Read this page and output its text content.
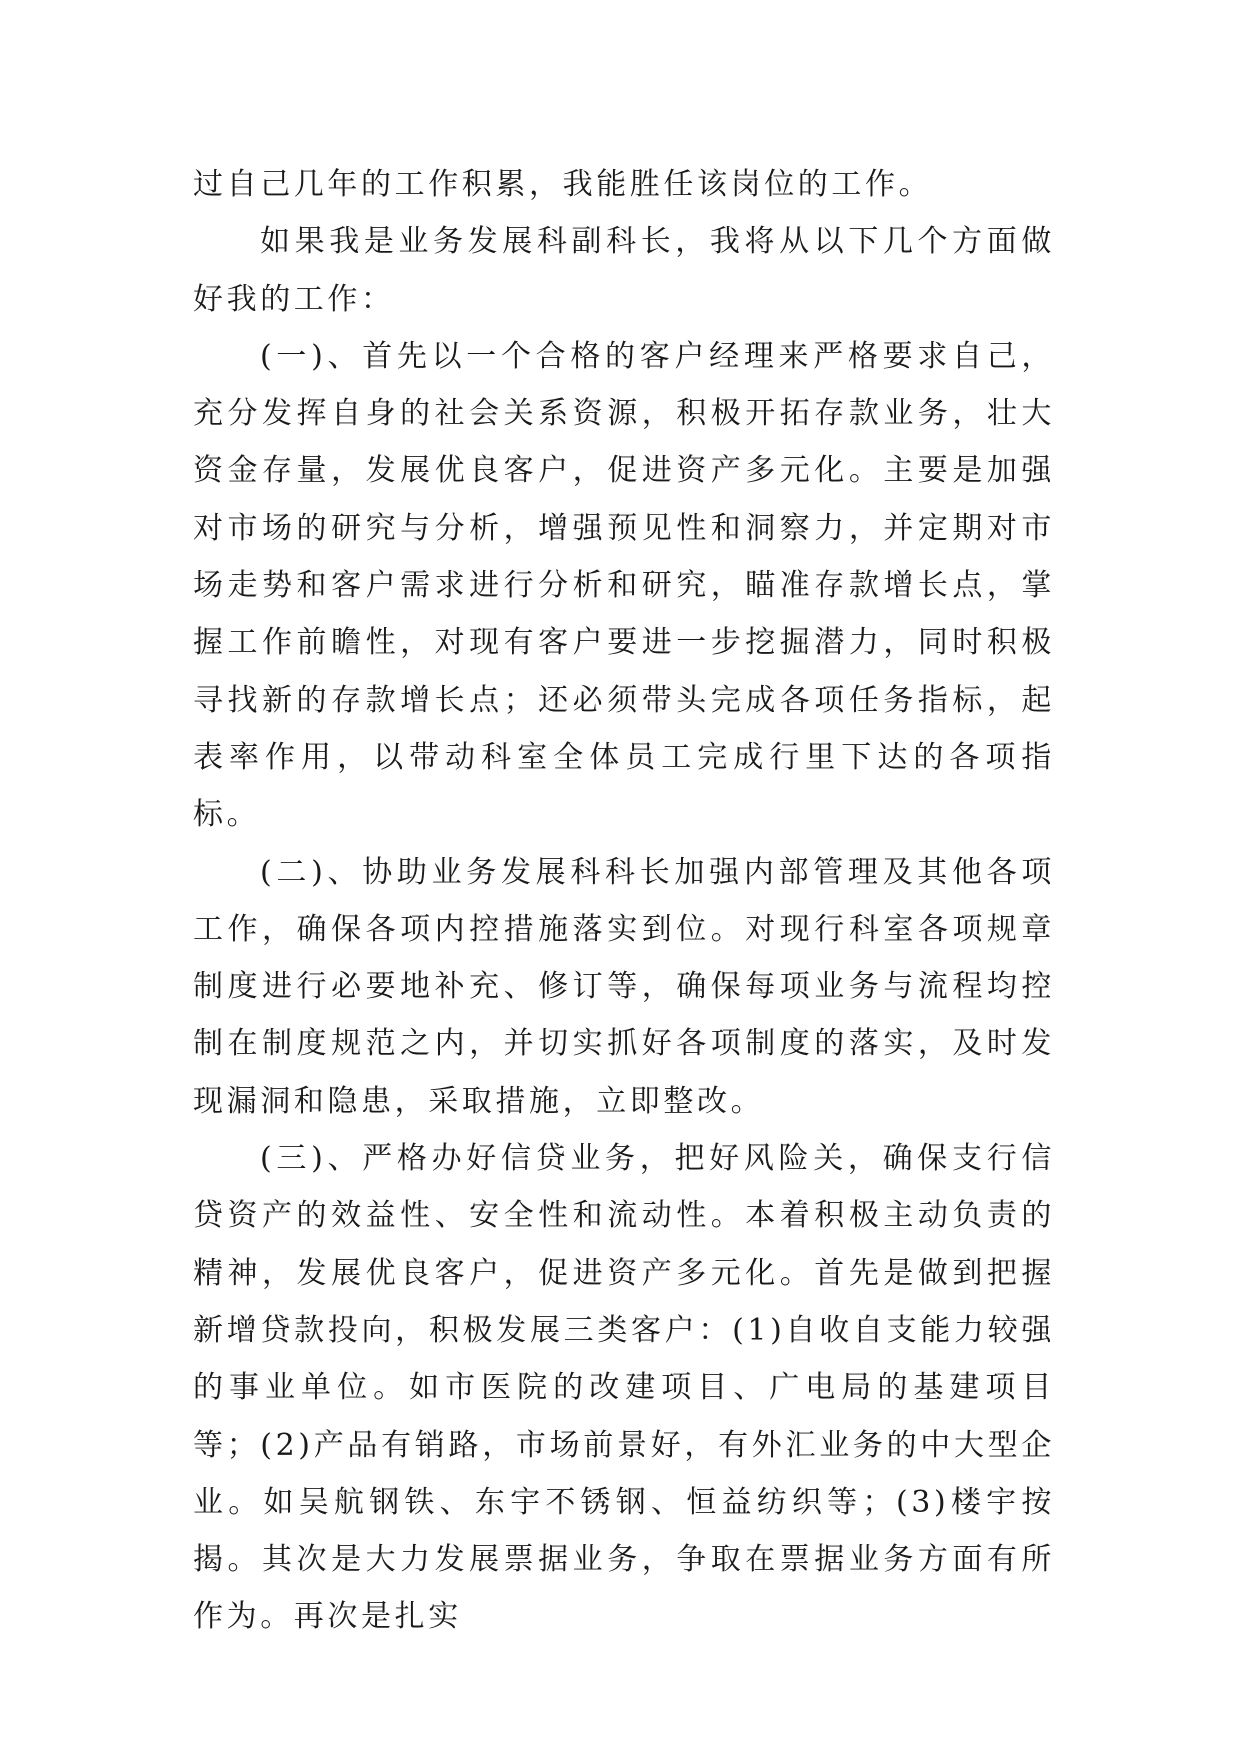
过自己几年的工作积累，我能胜任该岗位的工作。

如果我是业务发展科副科长，我将从以下几个方面做好我的工作：

(一)、首先以一个合格的客户经理来严格要求自己，充分发挥自身的社会关系资源，积极开拓存款业务，壮大资金存量，发展优良客户，促进资产多元化。主要是加强对市场的研究与分析，增强预见性和洞察力，并定期对市场走势和客户需求进行分析和研究，瞄准存款增长点，掌握工作前瞻性，对现有客户要进一步挖掘潜力，同时积极寻找新的存款增长点；还必须带头完成各项任务指标，起表率作用，以带动科室全体员工完成行里下达的各项指标。

(二)、协助业务发展科科长加强内部管理及其他各项工作，确保各项内控措施落实到位。对现行科室各项规章制度进行必要地补充、修订等，确保每项业务与流程均控制在制度规范之内，并切实抓好各项制度的落实，及时发现漏洞和隐患，采取措施，立即整改。

(三)、严格办好信贷业务，把好风险关，确保支行信贷资产的效益性、安全性和流动性。本着积极主动负责的精神，发展优良客户，促进资产多元化。首先是做到把握新增贷款投向，积极发展三类客户：(1)自收自支能力较强的事业单位。如市医院的改建项目、广电局的基建项目等；(2)产品有销路，市场前景好，有外汇业务的中大型企业。如吴航钢铁、东宇不锈钢、恒益纺织等；(3)楼宇按揭。其次是大力发展票据业务，争取在票据业务方面有所作为。再次是扎实
